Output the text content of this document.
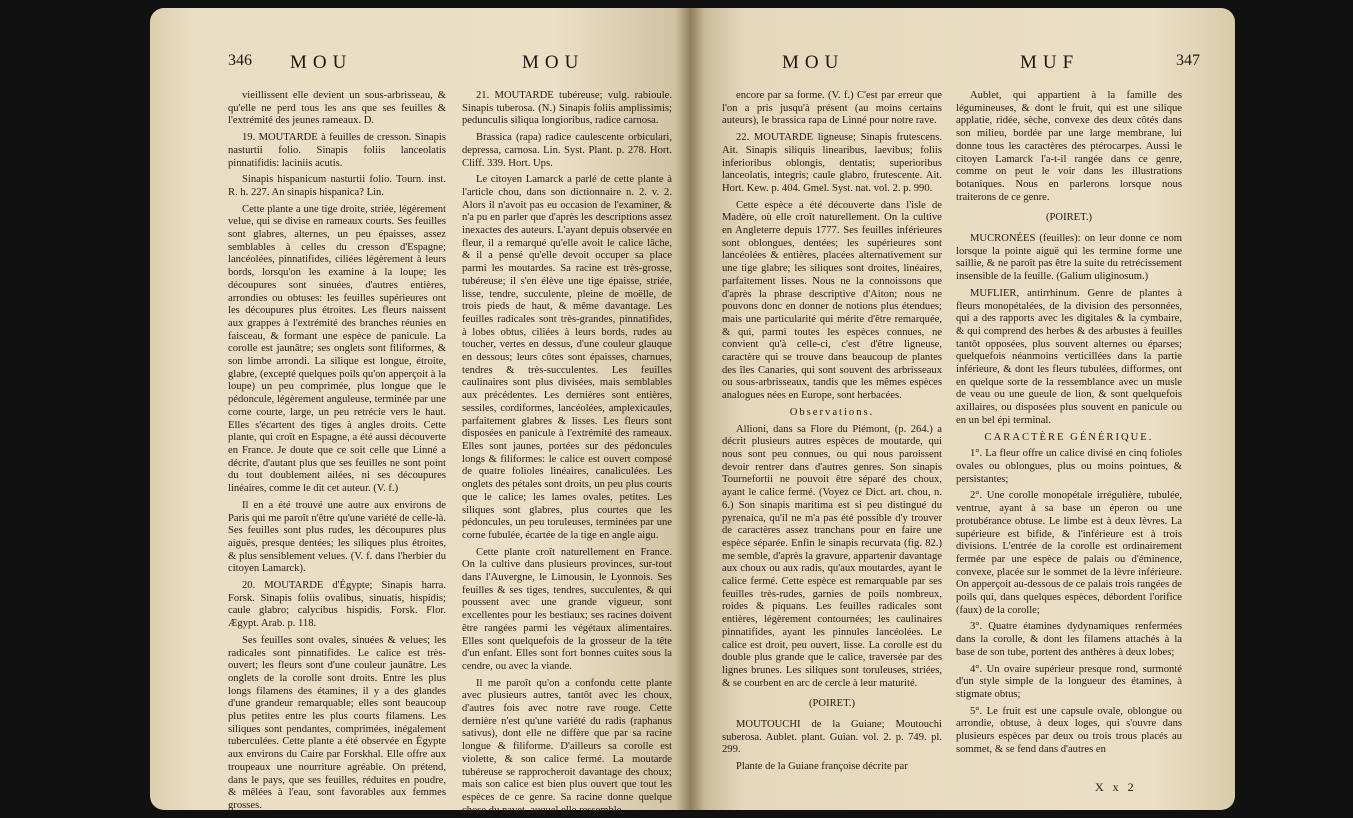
346 MOU	MOU

vieillissent elle devient un sous-arbrisseau, & qu'elle ne perd tous les ans que ses feuilles & l'extrémité des jeunes rameaux. D.

19. MOUTARDE à feuilles de cresson. Sinapis nasturtii folio. Sinapis foliis lanceolatis pinnatifidis: laciniis acutis.

Sinapis hispanicum nasturtii folio. Tourn. inst. R. h. 227. An sinapis hispanica? Lin.

Cette plante a une tige droite, striée, légèrement velue, qui se divise en rameaux courts. Ses feuilles sont glabres, alternes, un peu épaisses, assez semblables à celles du cresson d'Espagne; lancéolées, pinnatifides, ciliées légèrement à leurs bords, lorsqu'on les examine à la loupe; les découpures sont sinuées, d'autres entières, arrondies ou obtuses: les feuilles supérieures ont les découpures plus étroites. Les fleurs naissent aux grappes à l'extrémité des branches réunies en faisceau, & formant une espèce de panicule. La corolle est jaunâtre; ses onglets sont filiformes, & son limbe arrondi. La silique est longue, étroite, glabre, (excepté quelques poils qu'on apperçoit à la loupe) un peu comprimée, plus longue que le pédoncule, légèrement anguleuse, terminée par une corne courte, large, un peu retrécie vers le haut. Elles s'écartent des tiges à angles droits. Cette plante, qui croît en Espagne, a été aussi découverte en France. Je doute que ce soit celle que Linné a décrite, d'autant plus que ses feuilles ne sont point du tout doublement ailées, ni ses découpures linéaires, comme le dit cet auteur. (V. f.)

Il en a été trouvé une autre aux environs de Paris qui me paroît n'être qu'une variété de celle-là. Ses feuilles sont plus rudes, les découpures plus aiguës, presque dentées; les siliques plus étroites, & plus sensiblement velues. (V. f. dans l'herbier du citoyen Lamarck).

20. MOUTARDE d'Égypte; Sinapis harra. Forsk. Sinapis foliis ovalibus, sinuatis, hispidis; caule glabro; calycibus hispidis. Forsk. Flor. Ægypt. Arab. p. 118.

Ses feuilles sont ovales, sinuées & velues; les radicales sont pinnatifides. Le calice est très-ouvert; les fleurs sont d'une couleur jaunâtre. Les onglets de la corolle sont droits. Entre les plus longs filamens des étamines, il y a des glandes d'une grandeur remarquable; elles sont beaucoup plus petites entre les plus courts filamens. Les siliques sont pendantes, comprimées, inégalement tuberculées. Cette plante a été observée en Égypte aux environs du Caire par Forskhal. Elle offre aux troupeaux une nourriture agréable. On prétend, dans le pays, que ses feuilles, réduites en poudre, & mêlées à l'eau, sont favorables aux femmes grosses.

21. MOUTARDE tubéreuse; vulg. rabioule. Sinapis tuberosa. (N.) Sinapis foliis amplissimis; pedunculis siliqua longioribus, radice carnosa.

Brassica (rapa) radice caulescente orbiculari, depressa, carnosa. Lin. Syst. Plant. p. 278. Hort. Cliff. 339. Hort. Ups.

Le citoyen Lamarck a parlé de cette plante à l'article chou, dans son dictionnaire n. 2. v. 2. Alors il n'avoit pas eu occasion de l'examiner, & n'a pu en parler que d'après les descriptions assez inexactes des auteurs. L'ayant depuis observée en fleur, il a remarqué qu'elle avoit le calice lâche, & il a pensé qu'elle devoit occuper sa place parmi les moutardes. Sa racine est très-grosse, tubéreuse; il s'en élève une tige épaisse, striée, lisse, tendre, succulente, pleine de moëlle, de trois pieds de haut, & même davantage. Les feuilles radicales sont très-grandes, pinnatifides, à lobes obtus, ciliées à leurs bords, rudes au toucher, vertes en dessus, d'une couleur glauque en dessous; leurs côtes sont épaisses, charnues, tendres & très-succulentes. Les feuilles caulinaires sont plus divisées, mais semblables aux précédentes. Les dernières sont entières, sessiles, cordiformes, lancéolées, amplexicaules, parfaitement glabres & lisses. Les fleurs sont disposées en panicule à l'extrémité des rameaux. Elles sont jaunes, portées sur des pédoncules longs & filiformes: le calice est ouvert composé de quatre folioles linéaires, canaliculées. Les onglets des pétales sont droits, un peu plus courts que le calice; les lames ovales, petites. Les siliques sont glabres, plus courtes que les pédoncules, un peu toruleuses, terminées par une corne fubulée, écartée de la tige en angle aigu.

Cette plante croît naturellement en France. On la cultive dans plusieurs provinces, sur-tout dans l'Auvergne, le Limousin, le Lyonnois. Ses feuilles & ses tiges, tendres, succulentes, & qui poussent avec une grande vigueur, sont excellentes pour les bestiaux; ses racines doivent être rangées parmi les végétaux alimentaires. Elles sont quelquefois de la grosseur de la tête d'un enfant. Elles sont fort bonnes cuites sous la cendre, ou avec la viande.

Il me paroît qu'on a confondu cette plante avec plusieurs autres, tantôt avec les choux, d'autres fois avec notre rave rouge. Cette dernière n'est qu'une variété du radis (raphanus sativus), dont elle ne diffère que par sa racine longue & filiforme. D'ailleurs sa corolle est violette, & son calice fermé. La moutarde tubéreuse se rapprocheroit davantage des choux; mais son calice est bien plus ouvert que tout les espèces de ce genre. Sa racine donne quelque chose du navet, auquel elle ressemble

MOU	MUF	347

encore par sa forme. (V. f.) C'est par erreur que l'on a pris jusqu'à présent (au moins certains auteurs), le brassica rapa de Linné pour notre rave.

22. MOUTARDE ligneuse; Sinapis frutescens. Ait. Sinapis siliquis linearibus, laevibus; foliis inferioribus oblongis, dentatis; superioribus lanceolatis, integris; caule glabro, frutescente. Ait. Hort. Kew. p. 404. Gmel. Syst. nat. vol. 2. p. 990.

Cette espèce a été découverte dans l'isle de Madère, où elle croît naturellement. On la cultive en Angleterre depuis 1777. Ses feuilles inférieures sont oblongues, dentées; les supérieures sont lancéolées & entières, placées alternativement sur une tige glabre; les siliques sont droites, linéaires, parfaitement lisses. Nous ne la connoissons que d'après la phrase descriptive d'Aiton; nous ne pouvons donc en donner de notions plus étendues; mais une particularité qui mérite d'être remarquée, & qui, parmi toutes les espèces connues, ne convient qu'à celle-ci, c'est d'être ligneuse, caractère qui se trouve dans beaucoup de plantes des îles Canaries, qui sont souvent des arbrisseaux ou sous-arbrisseaux, tandis que les mêmes espèces analogues nées en Europe, sont herbacées.

Observations.

Allioni, dans sa Flore du Piémont, (p. 264.) a décrit plusieurs autres espèces de moutarde, qui nous sont peu connues, ou qui nous paroissent devoir rentrer dans d'autres genres. Son sinapis Tournefortii ne pouvoit être séparé des choux, ayant le calice fermé. (Voyez ce Dict. art. chou, n. 6.) Son sinapis maritima est si peu distingué du pyrenaica, qu'il ne m'a pas été possible d'y trouver de caractères assez tranchans pour en faire une espèce séparée. Enfin le sinapis recurvata (fig. 82.) me semble, d'après la gravure, appartenir davantage aux choux ou aux radis, qu'aux moutardes, ayant le calice fermé. Cette espèce est remarquable par ses feuilles très-rudes, garnies de poils nombreux, roides & piquans. Les feuilles radicales sont entières, légèrement contournées; les caulinaires pinnatifides, ayant les pinnules lancéolées. Le calice est droit, peu ouvert, lisse. La corolle est du double plus grande que le calice, traversée par des lignes brunes. Les siliques sont toruleuses, striées, & se courbent en arc de cercle à leur maturité.

(POIRET.)

MOUTOUCHI de la Guiane; Moutouchi suberosa. Aublet. plant. Guian. vol. 2. p. 749. pl. 299.

Plante de la Guiane françoise décrite par

Aublet, qui appartient à la famille des légumineuses, & dont le fruit, qui est une silique applatie, ridée, sèche, convexe des deux côtés dans son milieu, bordée par une large membrane, lui donne tous les caractères des ptérocarpes. Aussi le citoyen Lamarck l'a-t-il rangée dans ce genre, comme on peut le voir dans les illustrations botaniques. Nous en parlerons lorsque nous traiterons de ce genre.

(POIRET.)

MUCRONÉES (feuilles): on leur donne ce nom lorsque la pointe aiguë qui les termine forme une saillie, & ne paroît pas être la suite du retrécissement insensible de la feuille. (Galium uliginosum.)

MUFLIER, antirrhinum. Genre de plantes à fleurs monopétalées, de la division des personnées, qui a des rapports avec les digitales & la cymbaire, & qui comprend des herbes & des arbustes à feuilles tantôt opposées, plus souvent alternes ou éparses; quelquefois néanmoins verticillées dans la partie inférieure, & dont les fleurs tubulées, difformes, ont en quelque sorte de la ressemblance avec un musle de veau ou une gueule de lion, & sont quelquefois axillaires, ou disposées plus souvent en panicule ou en un bel épi terminal.

CARACTÈRE GÉNÉRIQUE.

1°. La fleur offre un calice divisé en cinq folioles ovales ou oblongues, plus ou moins pointues, & persistantes;

2°. Une corolle monopétale irrégulière, tubulée, ventrue, ayant à sa base un éperon ou une protubérance obtuse. Le limbe est à deux lèvres. La supérieure est bifide, & l'inférieure est à trois divisions. L'entrée de la corolle est ordinairement fermée par une espèce de palais ou d'éminence, convexe, placée sur le sommet de la lèvre inférieure. On apperçoit au-dessous de ce palais trois rangées de poils qui, dans quelques espèces, débordent l'orifice (faux) de la corolle;

3°. Quatre étamines dydynamiques renfermées dans la corolle, & dont les filamens attachés à la base de son tube, portent des anthères à deux lobes;

4°. Un ovaire supérieur presque rond, surmonté d'un style simple de la longueur des étamines, à stigmate obtus;

5°. Le fruit est une capsule ovale, oblongue ou arrondie, obtuse, à deux loges, qui s'ouvre dans plusieurs espèces par deux ou trois trous placés au sommet, & se fend dans d'autres en

X x 2
